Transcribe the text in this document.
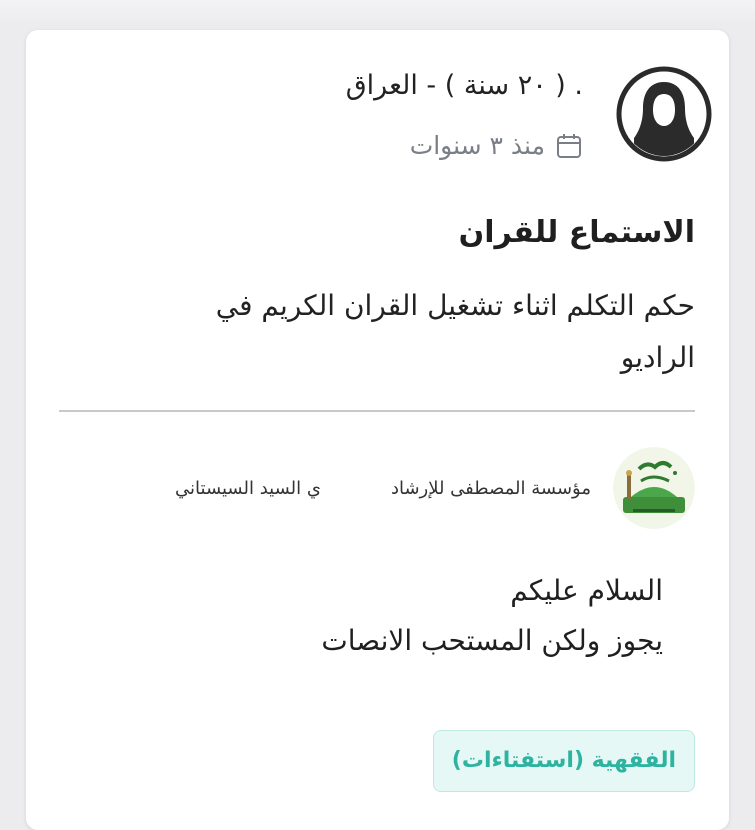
. ( ٢٠ سنة ) - العراق
منذ ٣ سنوات
الاستماع للقران
حكم التكلم اثناء تشغيل القران الكريم في الراديو
مؤسسة المصطفى للإرشاد
ي السيد السيستاني
السلام عليكم
يجوز ولكن المستحب الانصات
الفقهية (استفتاءات)
